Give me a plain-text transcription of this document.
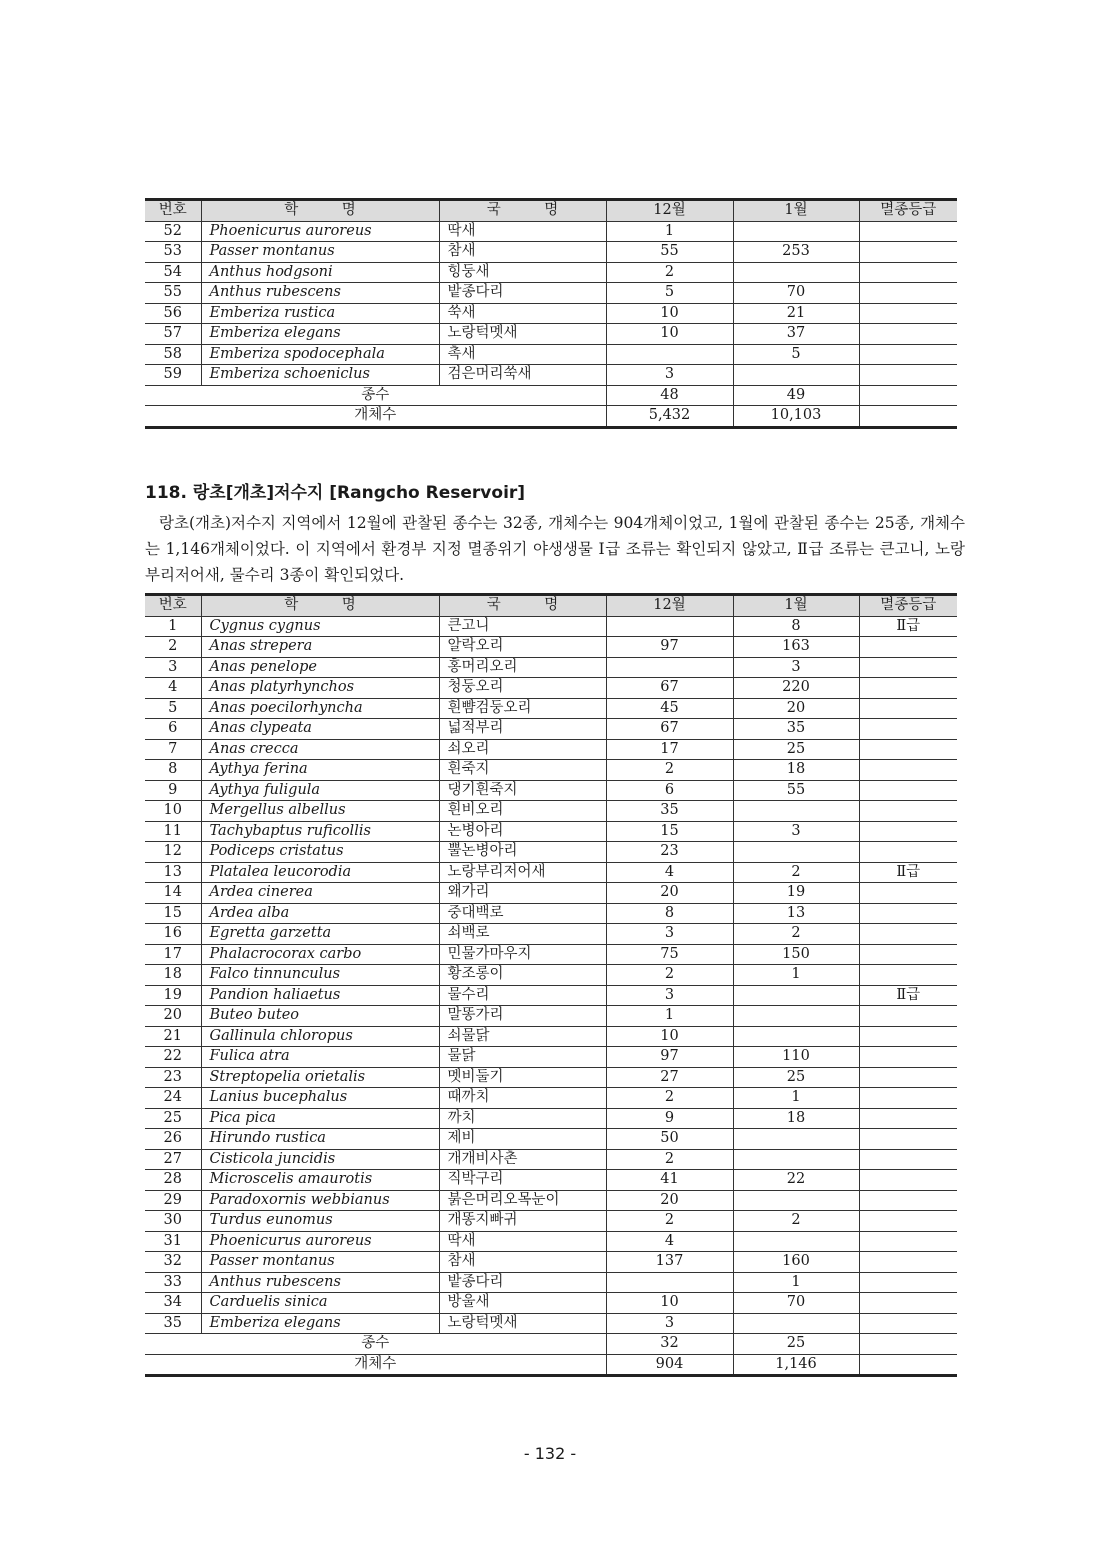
번호	학　　　명	국　　　명	12월	1월	멸종등급
52	Phoenicurus auroreus	딱새	1		
53	Passer montanus	참새	55	253	
54	Anthus hodgsoni	힝둥새	2		
55	Anthus rubescens	밭종다리	5	70	
56	Emberiza rustica	쑥새	10	21	
57	Emberiza elegans	노랑턱멧새	10	37	
58	Emberiza spodocephala	촉새		5	
59	Emberiza schoeniclus	검은머리쑥새	3		
종수			48	49	
개체수			5,432	10,103	
118. 랑초[개초]저수지 [Rangcho Reservoir]
랑초(개초)저수지 지역에서 12월에 관찰된 종수는 32종, 개체수는 904개체이었고, 1월에 관찰된 종수는 25종, 개체수는 1,146개체이었다. 이 지역에서 환경부 지정 멸종위기 야생생물 Ⅰ급 조류는 확인되지 않았고, Ⅱ급 조류는 큰고니, 노랑부리저어새, 물수리 3종이 확인되었다.
번호	학　　　명	국　　　명	12월	1월	멸종등급
1	Cygnus cygnus	큰고니		8	Ⅱ급
2	Anas strepera	알락오리	97	163	
3	Anas penelope	홍머리오리		3	
4	Anas platyrhynchos	청둥오리	67	220	
5	Anas poecilorhyncha	흰뺨검둥오리	45	20	
6	Anas clypeata	넓적부리	67	35	
7	Anas crecca	쇠오리	17	25	
8	Aythya ferina	흰죽지	2	18	
9	Aythya fuligula	댕기흰죽지	6	55	
10	Mergellus albellus	흰비오리	35		
11	Tachybaptus ruficollis	논병아리	15	3	
12	Podiceps cristatus	뿔논병아리	23		
13	Platalea leucorodia	노랑부리저어새	4	2	Ⅱ급
14	Ardea cinerea	왜가리	20	19	
15	Ardea alba	중대백로	8	13	
16	Egretta garzetta	쇠백로	3	2	
17	Phalacrocorax carbo	민물가마우지	75	150	
18	Falco tinnunculus	황조롱이	2	1	
19	Pandion haliaetus	물수리	3		Ⅱ급
20	Buteo buteo	말똥가리	1		
21	Gallinula chloropus	쇠물닭	10		
22	Fulica atra	물닭	97	110	
23	Streptopelia orietalis	멧비둘기	27	25	
24	Lanius bucephalus	때까치	2	1	
25	Pica pica	까치	9	18	
26	Hirundo rustica	제비	50		
27	Cisticola juncidis	개개비사촌	2		
28	Microscelis amaurotis	직박구리	41	22	
29	Paradoxornis webbianus	붉은머리오목눈이	20		
30	Turdus eunomus	개똥지빠귀	2	2	
31	Phoenicurus auroreus	딱새	4		
32	Passer montanus	참새	137	160	
33	Anthus rubescens	밭종다리		1	
34	Carduelis sinica	방울새	10	70	
35	Emberiza elegans	노랑턱멧새	3		
종수			32	25	
개체수			904	1,146	
- 132 -
